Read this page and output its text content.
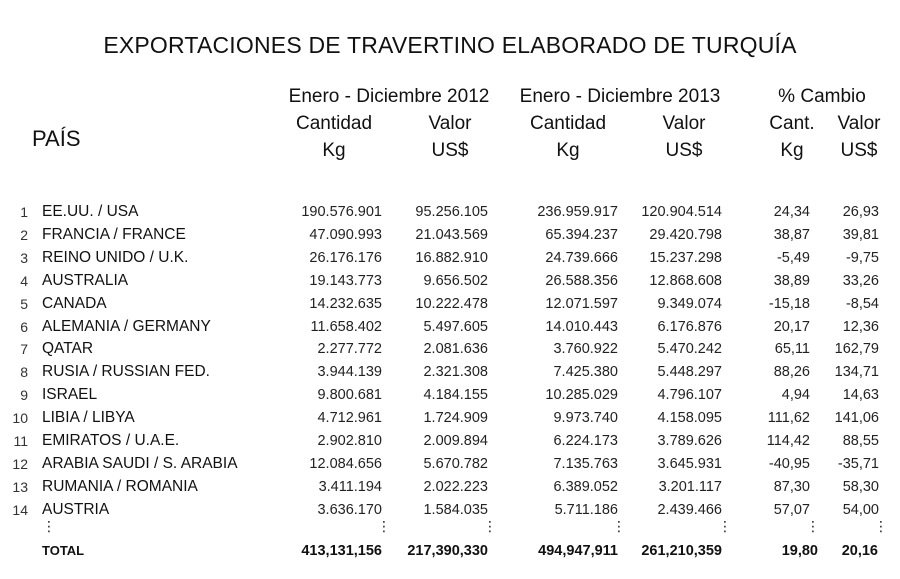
EXPORTACIONES DE TRAVERTINO ELABORADO DE TURQUÍA
Enero - Diciembre 2012	Enero - Diciembre 2013	% Cambio
Cantidad	Valor	Cantidad	Valor	Cant.	Valor
Kg	US$	Kg	US$	Kg	US$
PAÍS
1 EE.UU. / USA	190.576.901	95.256.105	236.959.917	120.904.514	24,34	26,93
2 FRANCIA / FRANCE	47.090.993	21.043.569	65.394.237	29.420.798	38,87	39,81
3 REINO UNIDO / U.K.	26.176.176	16.882.910	24.739.666	15.237.298	-5,49	-9,75
4 AUSTRALIA	19.143.773	9.656.502	26.588.356	12.868.608	38,89	33,26
5 CANADA	14.232.635	10.222.478	12.071.597	9.349.074	-15,18	-8,54
6 ALEMANIA / GERMANY	11.658.402	5.497.605	14.010.443	6.176.876	20,17	12,36
7 QATAR	2.277.772	2.081.636	3.760.922	5.470.242	65,11	162,79
8 RUSIA / RUSSIAN FED.	3.944.139	2.321.308	7.425.380	5.448.297	88,26	134,71
9 ISRAEL	9.800.681	4.184.155	10.285.029	4.796.107	4,94	14,63
10 LIBIA / LIBYA	4.712.961	1.724.909	9.973.740	4.158.095	111,62	141,06
11 EMIRATOS / U.A.E.	2.902.810	2.009.894	6.224.173	3.789.626	114,42	88,55
12 ARABIA SAUDI / S. ARABIA	12.084.656	5.670.782	7.135.763	3.645.931	-40,95	-35,71
13 RUMANIA / ROMANIA	3.411.194	2.022.223	6.389.052	3.201.117	87,30	58,30
14 AUSTRIA	3.636.170	1.584.035	5.711.186	2.439.466	57,07	54,00
⋮	⋮	⋮	⋮	⋮	⋮	⋮
TOTAL	413,131,156	217,390,330	494,947,911	261,210,359	19,80	20,16
